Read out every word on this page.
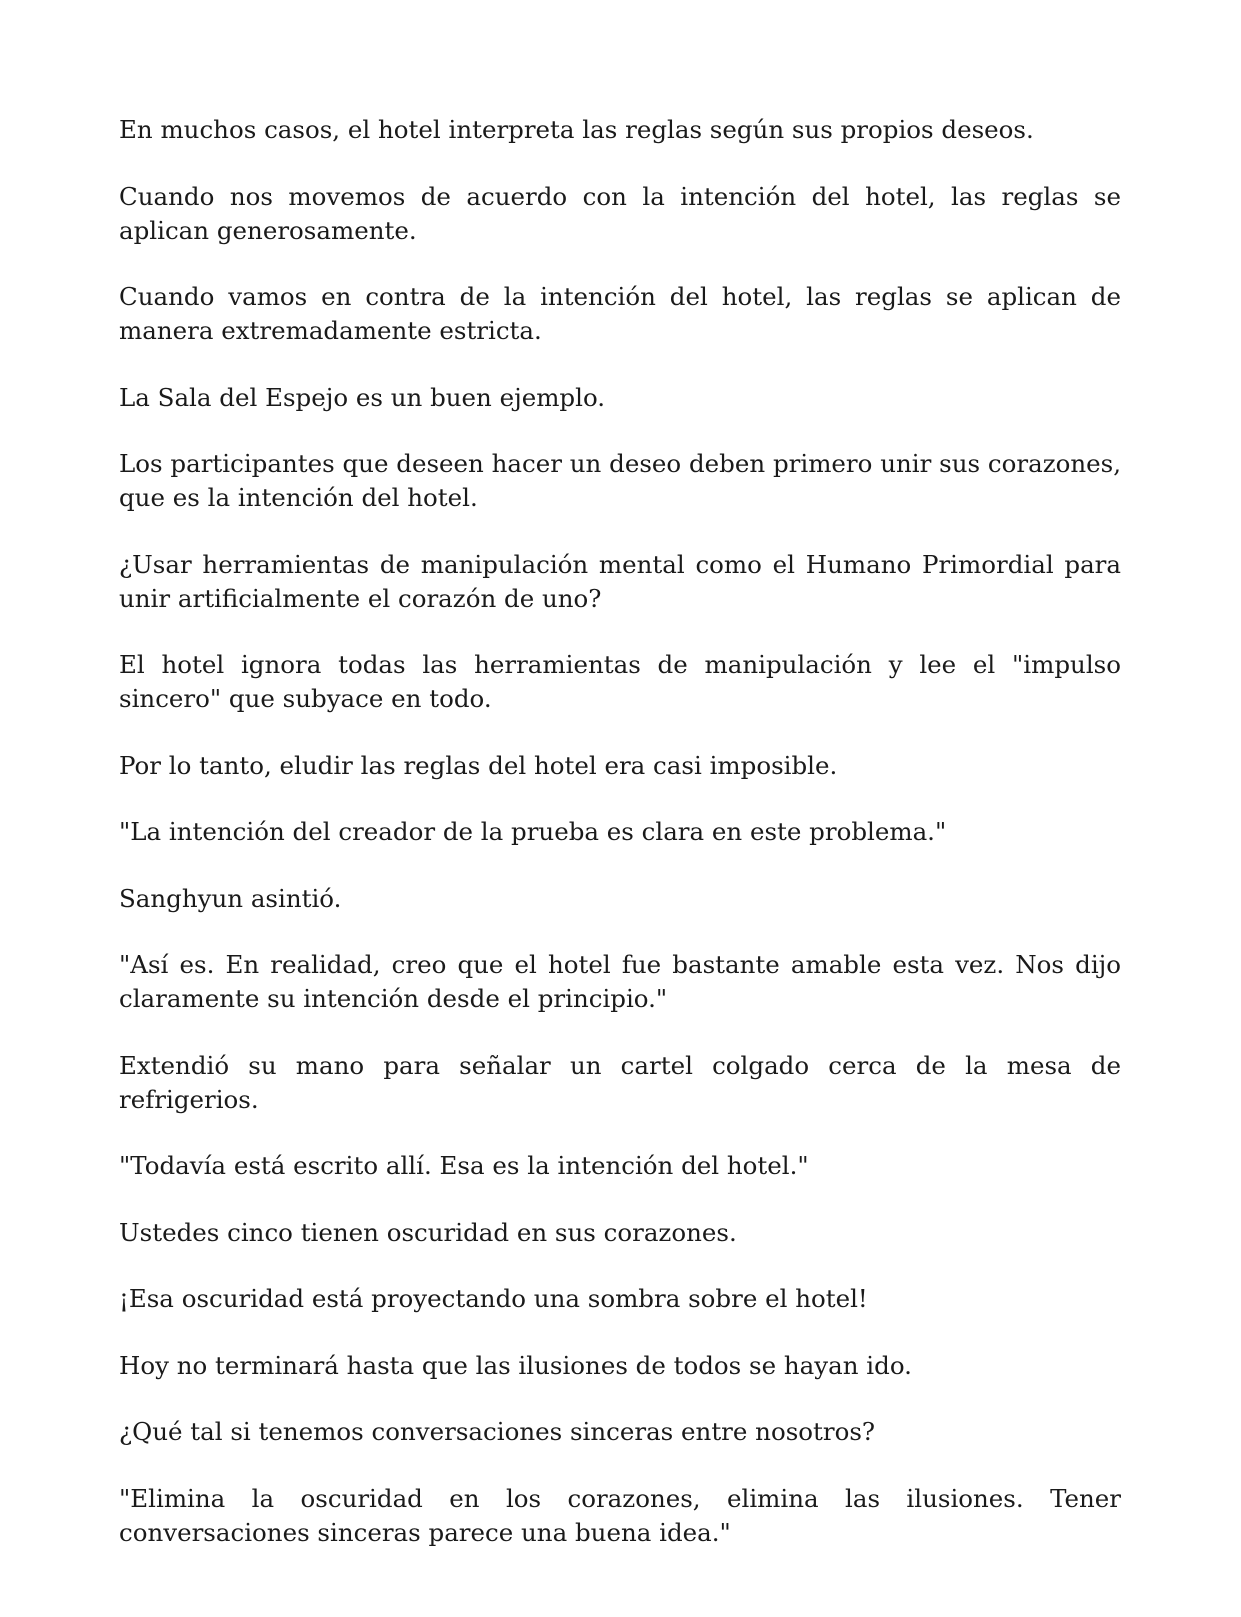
En muchos casos, el hotel interpreta las reglas según sus propios deseos.

Cuando nos movemos de acuerdo con la intención del hotel, las reglas se aplican generosamente.

Cuando vamos en contra de la intención del hotel, las reglas se aplican de manera extremadamente estricta.

La Sala del Espejo es un buen ejemplo.

Los participantes que deseen hacer un deseo deben primero unir sus corazones, que es la intención del hotel.

¿Usar herramientas de manipulación mental como el Humano Primordial para unir artificialmente el corazón de uno?

El hotel ignora todas las herramientas de manipulación y lee el "impulso sincero" que subyace en todo.

Por lo tanto, eludir las reglas del hotel era casi imposible.

"La intención del creador de la prueba es clara en este problema."

Sanghyun asintió.

"Así es. En realidad, creo que el hotel fue bastante amable esta vez. Nos dijo claramente su intención desde el principio."

Extendió su mano para señalar un cartel colgado cerca de la mesa de refrigerios.

"Todavía está escrito allí. Esa es la intención del hotel."

Ustedes cinco tienen oscuridad en sus corazones.

¡Esa oscuridad está proyectando una sombra sobre el hotel!

Hoy no terminará hasta que las ilusiones de todos se hayan ido.

¿Qué tal si tenemos conversaciones sinceras entre nosotros?

"Elimina la oscuridad en los corazones, elimina las ilusiones. Tener conversaciones sinceras parece una buena idea."
